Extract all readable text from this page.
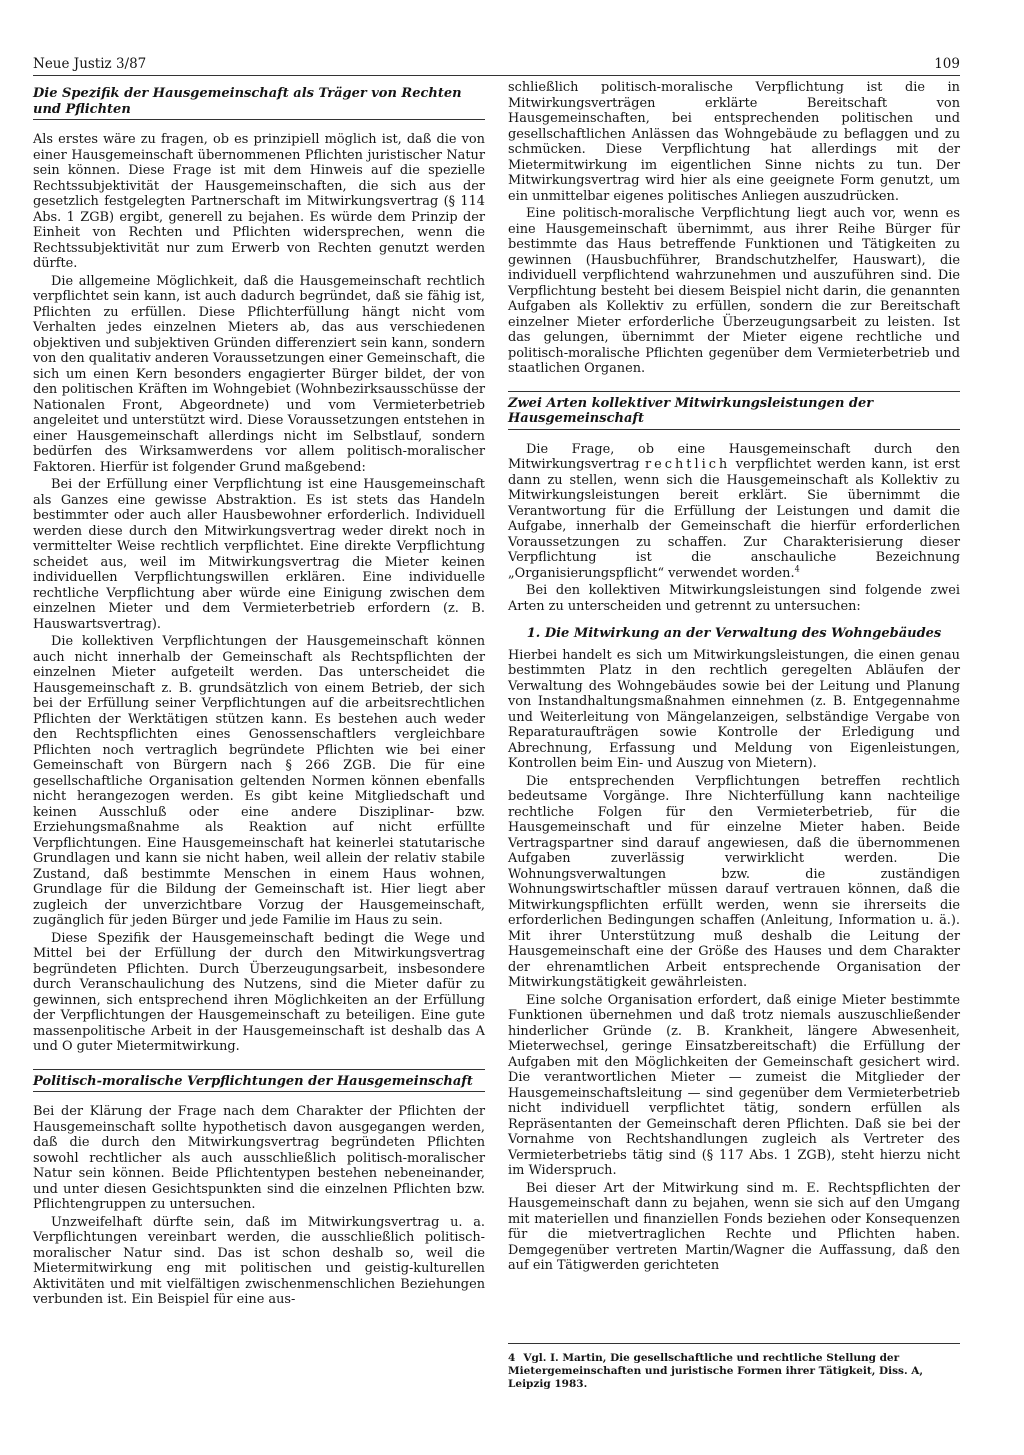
Neue Justiz 3/87	109
Die Spezifik der Hausgemeinschaft als Träger von Rechten und Pflichten

Als erstes wäre zu fragen, ob es prinzipiell möglich ist, daß die von einer Hausgemeinschaft übernommenen Pflichten juristischer Natur sein können. Diese Frage ist mit dem Hinweis auf die spezielle Rechtssubjektivität der Hausgemeinschaften, die sich aus der gesetzlich festgelegten Partnerschaft im Mitwirkungsvertrag (§ 114 Abs. 1 ZGB) ergibt, generell zu bejahen. Es würde dem Prinzip der Einheit von Rechten und Pflichten widersprechen, wenn die Rechtssubjektivität nur zum Erwerb von Rechten genutzt werden dürfte.

Die allgemeine Möglichkeit, daß die Hausgemeinschaft rechtlich verpflichtet sein kann, ist auch dadurch begründet, daß sie fähig ist, Pflichten zu erfüllen. Diese Pflichterfüllung hängt nicht vom Verhalten jedes einzelnen Mieters ab, das aus verschiedenen objektiven und subjektiven Gründen differenziert sein kann, sondern von den qualitativ anderen Voraussetzungen einer Gemeinschaft, die sich um einen Kern besonders engagierter Bürger bildet, der von den politischen Kräften im Wohngebiet (Wohnbezirksausschüsse der Nationalen Front, Abgeordnete) und vom Vermieterbetrieb angeleitet und unterstützt wird. Diese Voraussetzungen entstehen in einer Hausgemeinschaft allerdings nicht im Selbstlauf, sondern bedürfen des Wirksamwerdens vor allem politisch-moralischer Faktoren. Hierfür ist folgender Grund maßgebend:

Bei der Erfüllung einer Verpflichtung ist eine Hausgemeinschaft als Ganzes eine gewisse Abstraktion. Es ist stets das Handeln bestimmter oder auch aller Hausbewohner erforderlich. Individuell werden diese durch den Mitwirkungsvertrag weder direkt noch in vermittelter Weise rechtlich verpflichtet. Eine direkte Verpflichtung scheidet aus, weil im Mitwirkungsvertrag die Mieter keinen individuellen Verpflichtungswillen erklären. Eine individuelle rechtliche Verpflichtung aber würde eine Einigung zwischen dem einzelnen Mieter und dem Vermieterbetrieb erfordern (z. B. Hauswartsvertrag).

Die kollektiven Verpflichtungen der Hausgemeinschaft können auch nicht innerhalb der Gemeinschaft als Rechtspflichten der einzelnen Mieter aufgeteilt werden. Das unterscheidet die Hausgemeinschaft z. B. grundsätzlich von einem Betrieb, der sich bei der Erfüllung seiner Verpflichtungen auf die arbeitsrechtlichen Pflichten der Werktätigen stützen kann. Es bestehen auch weder den Rechtspflichten eines Genossenschaftlers vergleichbare Pflichten noch vertraglich begründete Pflichten wie bei einer Gemeinschaft von Bürgern nach § 266 ZGB. Die für eine gesellschaftliche Organisation geltenden Normen können ebenfalls nicht herangezogen werden. Es gibt keine Mitgliedschaft und keinen Ausschluß oder eine andere Disziplinar- bzw. Erziehungsmaßnahme als Reaktion auf nicht erfüllte Verpflichtungen. Eine Hausgemeinschaft hat keinerlei statutarische Grundlagen und kann sie nicht haben, weil allein der relativ stabile Zustand, daß bestimmte Menschen in einem Haus wohnen, Grundlage für die Bildung der Gemeinschaft ist. Hier liegt aber zugleich der unverzichtbare Vorzug der Hausgemeinschaft, zugänglich für jeden Bürger und jede Familie im Haus zu sein.

Diese Spezifik der Hausgemeinschaft bedingt die Wege und Mittel bei der Erfüllung der durch den Mitwirkungsvertrag begründeten Pflichten. Durch Überzeugungsarbeit, insbesondere durch Veranschaulichung des Nutzens, sind die Mieter dafür zu gewinnen, sich entsprechend ihren Möglichkeiten an der Erfüllung der Verpflichtungen der Hausgemeinschaft zu beteiligen. Eine gute massenpolitische Arbeit in der Hausgemeinschaft ist deshalb das A und O guter Mietermitwirkung.

Politisch-moralische Verpflichtungen der Hausgemeinschaft

Bei der Klärung der Frage nach dem Charakter der Pflichten der Hausgemeinschaft sollte hypothetisch davon ausgegangen werden, daß die durch den Mitwirkungsvertrag begründeten Pflichten sowohl rechtlicher als auch ausschließlich politisch-moralischer Natur sein können. Beide Pflichtentypen bestehen nebeneinander, und unter diesen Gesichtspunkten sind die einzelnen Pflichten bzw. Pflichtengruppen zu untersuchen.

Unzweifelhaft dürfte sein, daß im Mitwirkungsvertrag u. a. Verpflichtungen vereinbart werden, die ausschließlich politisch-moralischer Natur sind. Das ist schon deshalb so, weil die Mietermitwirkung eng mit politischen und geistig-kulturellen Aktivitäten und mit vielfältigen zwischenmenschlichen Beziehungen verbunden ist. Ein Beispiel für eine aus-

schließlich politisch-moralische Verpflichtung ist die in Mitwirkungsverträgen erklärte Bereitschaft von Hausgemeinschaften, bei entsprechenden politischen und gesellschaftlichen Anlässen das Wohngebäude zu beflaggen und zu schmücken. Diese Verpflichtung hat allerdings mit der Mietermitwirkung im eigentlichen Sinne nichts zu tun. Der Mitwirkungsvertrag wird hier als eine geeignete Form genutzt, um ein unmittelbar eigenes politisches Anliegen auszudrücken.

Eine politisch-moralische Verpflichtung liegt auch vor, wenn es eine Hausgemeinschaft übernimmt, aus ihrer Reihe Bürger für bestimmte das Haus betreffende Funktionen und Tätigkeiten zu gewinnen (Hausbuchführer, Brandschutzhelfer, Hauswart), die individuell verpflichtend wahrzunehmen und auszuführen sind. Die Verpflichtung besteht bei diesem Beispiel nicht darin, die genannten Aufgaben als Kollektiv zu erfüllen, sondern die zur Bereitschaft einzelner Mieter erforderliche Überzeugungsarbeit zu leisten. Ist das gelungen, übernimmt der Mieter eigene rechtliche und politisch-moralische Pflichten gegenüber dem Vermieterbetrieb und staatlichen Organen.

Zwei Arten kollektiver Mitwirkungsleistungen der Hausgemeinschaft

Die Frage, ob eine Hausgemeinschaft durch den Mitwirkungsvertrag rechtlich verpflichtet werden kann, ist erst dann zu stellen, wenn sich die Hausgemeinschaft als Kollektiv zu Mitwirkungsleistungen bereit erklärt. Sie übernimmt die Verantwortung für die Erfüllung der Leistungen und damit die Aufgabe, innerhalb der Gemeinschaft die hierfür erforderlichen Voraussetzungen zu schaffen. Zur Charakterisierung dieser Verpflichtung ist die anschauliche Bezeichnung „Organisierungspflicht“ verwendet worden.$^4$

Bei den kollektiven Mitwirkungsleistungen sind folgende zwei Arten zu unterscheiden und getrennt zu untersuchen:

1. Die Mitwirkung an der Verwaltung des Wohngebäudes

Hierbei handelt es sich um Mitwirkungsleistungen, die einen genau bestimmten Platz in den rechtlich geregelten Abläufen der Verwaltung des Wohngebäudes sowie bei der Leitung und Planung von Instandhaltungsmaßnahmen einnehmen (z. B. Entgegennahme und Weiterleitung von Mängelanzeigen, selbständige Vergabe von Reparaturaufträgen sowie Kontrolle der Erledigung und Abrechnung, Erfassung und Meldung von Eigenleistungen, Kontrollen beim Ein- und Auszug von Mietern).

Die entsprechenden Verpflichtungen betreffen rechtlich bedeutsame Vorgänge. Ihre Nichterfüllung kann nachteilige rechtliche Folgen für den Vermieterbetrieb, für die Hausgemeinschaft und für einzelne Mieter haben. Beide Vertragspartner sind darauf angewiesen, daß die übernommenen Aufgaben zuverlässig verwirklicht werden. Die Wohnungsverwaltungen bzw. die zuständigen Wohnungswirtschaftler müssen darauf vertrauen können, daß die Mitwirkungspflichten erfüllt werden, wenn sie ihrerseits die erforderlichen Bedingungen schaffen (Anleitung, Information u. ä.). Mit ihrer Unterstützung muß deshalb die Leitung der Hausgemeinschaft eine der Größe des Hauses und dem Charakter der ehrenamtlichen Arbeit entsprechende Organisation der Mitwirkungstätigkeit gewährleisten.

Eine solche Organisation erfordert, daß einige Mieter bestimmte Funktionen übernehmen und daß trotz niemals auszuschließender hinderlicher Gründe (z. B. Krankheit, längere Abwesenheit, Mieterwechsel, geringe Einsatzbereitschaft) die Erfüllung der Aufgaben mit den Möglichkeiten der Gemeinschaft gesichert wird. Die verantwortlichen Mieter — zumeist die Mitglieder der Hausgemeinschaftsleitung — sind gegenüber dem Vermieterbetrieb nicht individuell verpflichtet tätig, sondern erfüllen als Repräsentanten der Gemeinschaft deren Pflichten. Daß sie bei der Vornahme von Rechtshandlungen zugleich als Vertreter des Vermieterbetriebs tätig sind (§ 117 Abs. 1 ZGB), steht hierzu nicht im Widerspruch.

Bei dieser Art der Mitwirkung sind m. E. Rechtspflichten der Hausgemeinschaft dann zu bejahen, wenn sie sich auf den Umgang mit materiellen und finanziellen Fonds beziehen oder Konsequenzen für die mietvertraglichen Rechte und Pflichten haben. Demgegenüber vertreten Martin/Wagner die Auffassung, daß den auf ein Tätigwerden gerichteten

4 Vgl. I. Martin, Die gesellschaftliche und rechtliche Stellung der Mietergemeinschaften und juristische Formen ihrer Tätigkeit, Diss. A, Leipzig 1983.
